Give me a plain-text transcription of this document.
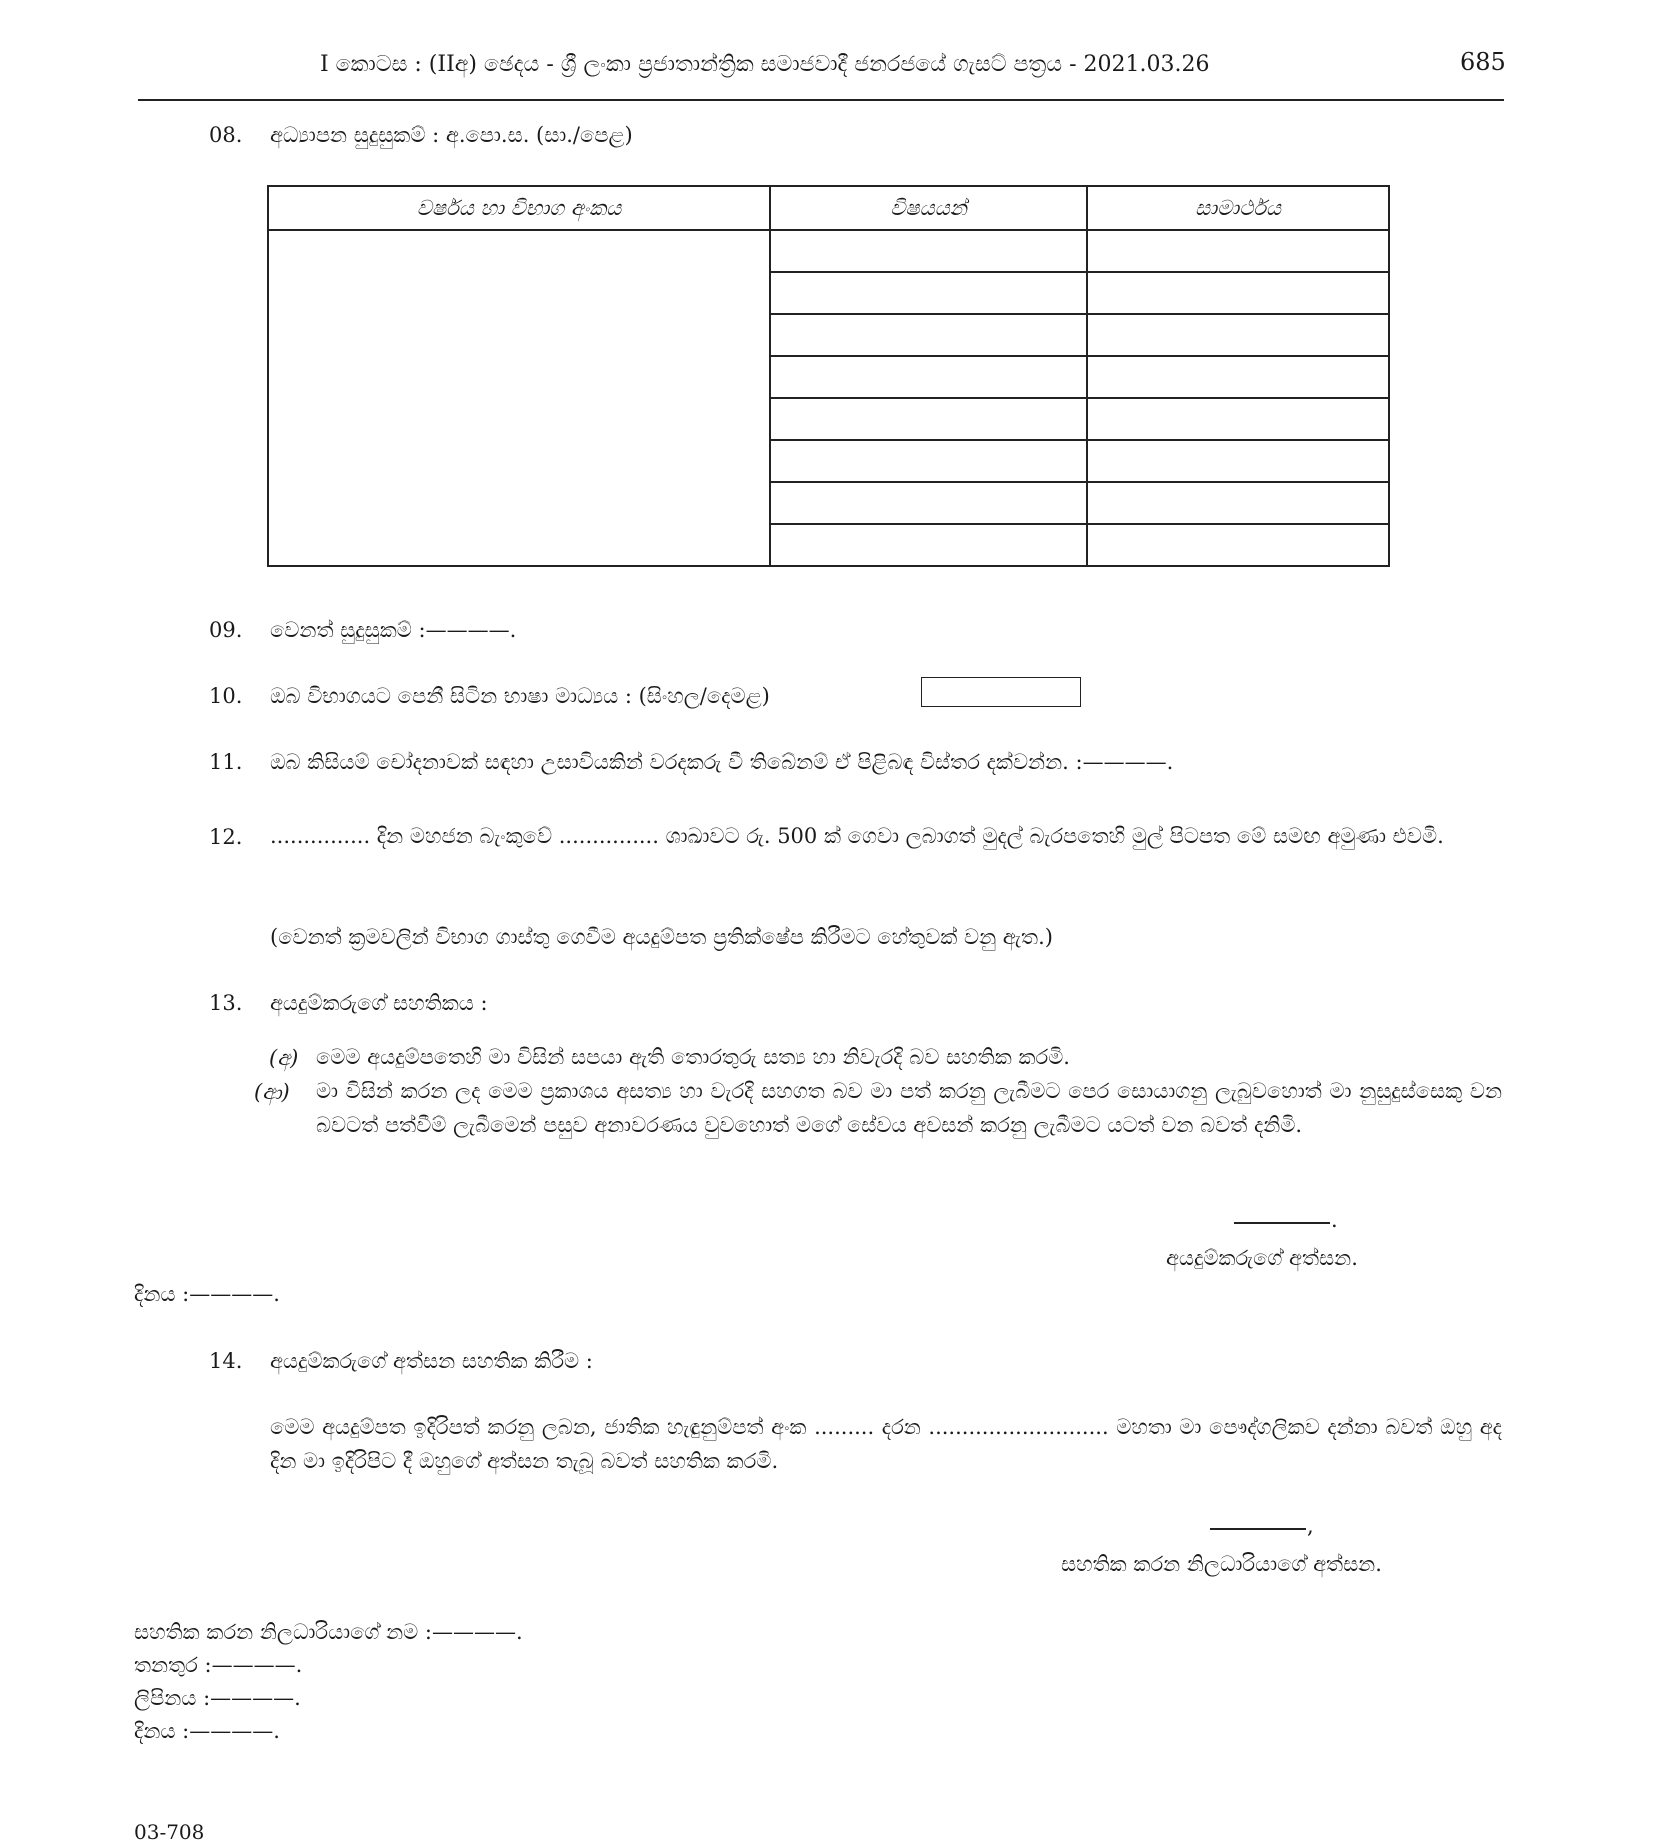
I කොටස : (IIඅ) ඡෙදය - ශ්‍රී ලංකා ප්‍රජාතාන්ත්‍රික සමාජවාදී ජනරජයේ ගැසට් පත්‍රය - 2021.03.26	685
08. අධ්‍යාපන සුදුසුකම් : අ.පො.ස. (සා./පෙළ)
වර්ෂය හා විභාග අංකය	විෂයයන්	සාමාර්ථය

09. වෙනත් සුදුසුකම් :————.
10. ඔබ විභාගයට පෙනී සිටින භාෂා මාධ්‍යය : (සිංහල/දෙමළ)
11. ඔබ කිසියම් චෝදනාවක් සඳහා උසාවියකින් වරදකරු වී තිබේනම් ඒ පිළිබඳ විස්තර දක්වන්න. :————.
12. ............... දින මහජන බැංකුවේ ............... ශාඛාවට රු. 500 ක් ගෙවා ලබාගත් මුදල් බැරපතෙහි මුල් පිටපත මේ සමඟ අමුණා එවමි.
(වෙනත් ක්‍රමවලින් විභාග ගාස්තු ගෙවීම අයදුම්පත ප්‍රතික්ෂේප කිරීමට හේතුවක් වනු ඇත.)
13. අයදුම්කරුගේ සහතිකය :
(අ) මෙම අයදුම්පතෙහි මා විසින් සපයා ඇති තොරතුරු සත්‍ය හා නිවැරදි බව සහතික කරමි.
(ආ) මා විසින් කරන ලද මෙම ප්‍රකාශය අසත්‍ය හා වැරදි සහගත බව මා පත් කරනු ලැබීමට පෙර සොයාගනු ලැබුවහොත් මා නුසුදුස්සෙකු වන බවටත් පත්වීම් ලැබීමෙන් පසුව අනාවරණය වුවහොත් මගේ සේවය අවසන් කරනු ලැබීමට යටත් වන බවත් දනිමි.
.
අයදුම්කරුගේ අත්සන.
දිනය :————.
14. අයදුම්කරුගේ අත්සන සහතික කිරීම :
මෙම අයදුම්පත ඉදිරිපත් කරනු ලබන, ජාතික හැඳුනුම්පත් අංක ......... දරන ........................... මහතා මා පෞද්ගලිකව දන්නා බවත් ඔහු අද දින මා ඉදිරිපිට දී ඔහුගේ අත්සන තැබූ බවත් සහතික කරමි.
,
සහතික කරන නිලධාරියාගේ අත්සන.
සහතික කරන නිලධාරියාගේ නම :————.
තනතුර :————.
ලිපිනය :————.
දිනය :————.
03-708
